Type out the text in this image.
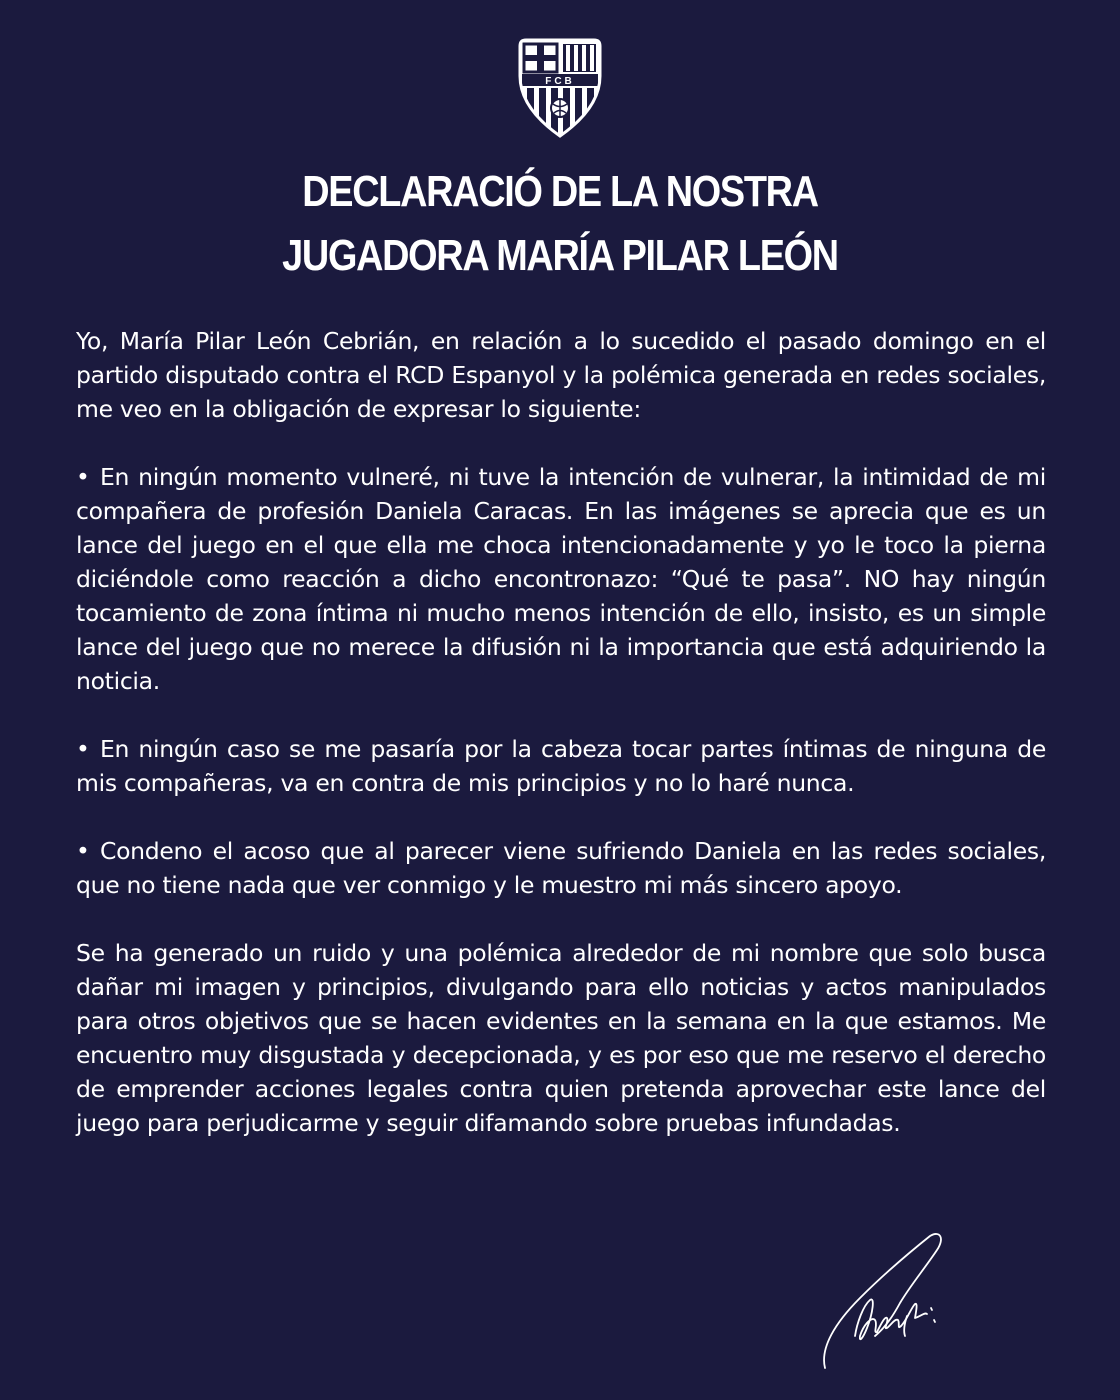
FCB
DECLARACIÓ DE LA NOSTRA
JUGADORA MARÍA PILAR LEÓN

Yo, María Pilar León Cebrián, en relación a lo sucedido el pasado domingo en el partido disputado contra el RCD Espanyol y la polémica generada en redes sociales, me veo en la obligación de expresar lo siguiente:

• En ningún momento vulneré, ni tuve la intención de vulnerar, la intimidad de mi compañera de profesión Daniela Caracas. En las imágenes se aprecia que es un lance del juego en el que ella me choca intencionadamente y yo le toco la pierna diciéndole como reacción a dicho encontronazo: “Qué te pasa”. NO hay ningún tocamiento de zona íntima ni mucho menos intención de ello, insisto, es un simple lance del juego que no merece la difusión ni la importancia que está adquiriendo la noticia.

• En ningún caso se me pasaría por la cabeza tocar partes íntimas de ninguna de mis compañeras, va en contra de mis principios y no lo haré nunca.

• Condeno el acoso que al parecer viene sufriendo Daniela en las redes sociales, que no tiene nada que ver conmigo y le muestro mi más sincero apoyo.

Se ha generado un ruido y una polémica alrededor de mi nombre que solo busca dañar mi imagen y principios, divulgando para ello noticias y actos manipulados para otros objetivos que se hacen evidentes en la semana en la que estamos. Me encuentro muy disgustada y decepcionada, y es por eso que me reservo el derecho de emprender acciones legales contra quien pretenda aprovechar este lance del juego para perjudicarme y seguir difamando sobre pruebas infundadas.
